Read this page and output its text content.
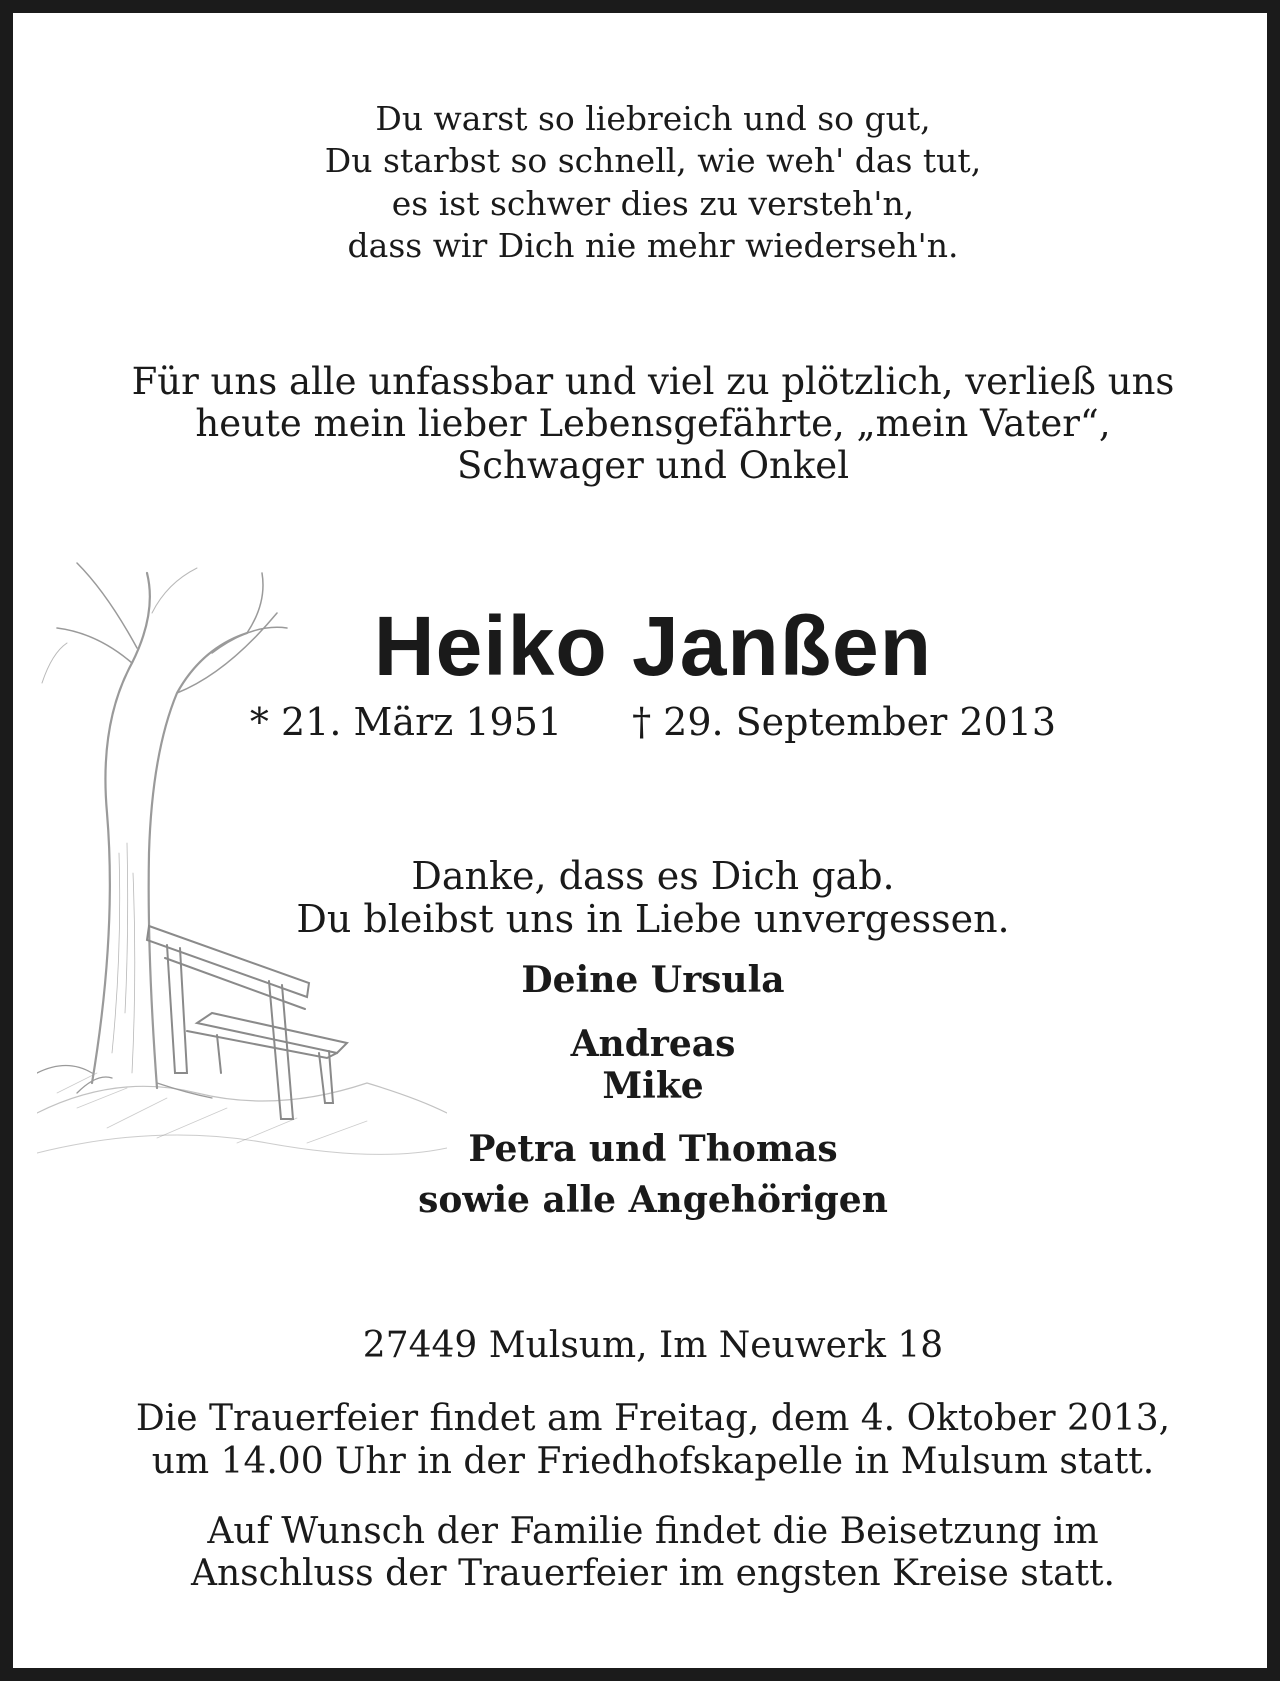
Du warst so liebreich und so gut,
Du starbst so schnell, wie weh' das tut,
es ist schwer dies zu versteh'n,
dass wir Dich nie mehr wiederseh'n.
Für uns alle unfassbar und viel zu plötzlich, verließ uns
heute mein lieber Lebensgefährte, „mein Vater“,
Schwager und Onkel
Heiko Janßen
* 21. März 1951 † 29. September 2013
Danke, dass es Dich gab.
Du bleibst uns in Liebe unvergessen.
Deine Ursula
Andreas
Mike
Petra und Thomas
sowie alle Angehörigen
27449 Mulsum, Im Neuwerk 18
Die Trauerfeier findet am Freitag, dem 4. Oktober 2013,
um 14.00 Uhr in der Friedhofskapelle in Mulsum statt.
Auf Wunsch der Familie findet die Beisetzung im
Anschluss der Trauerfeier im engsten Kreise statt.
